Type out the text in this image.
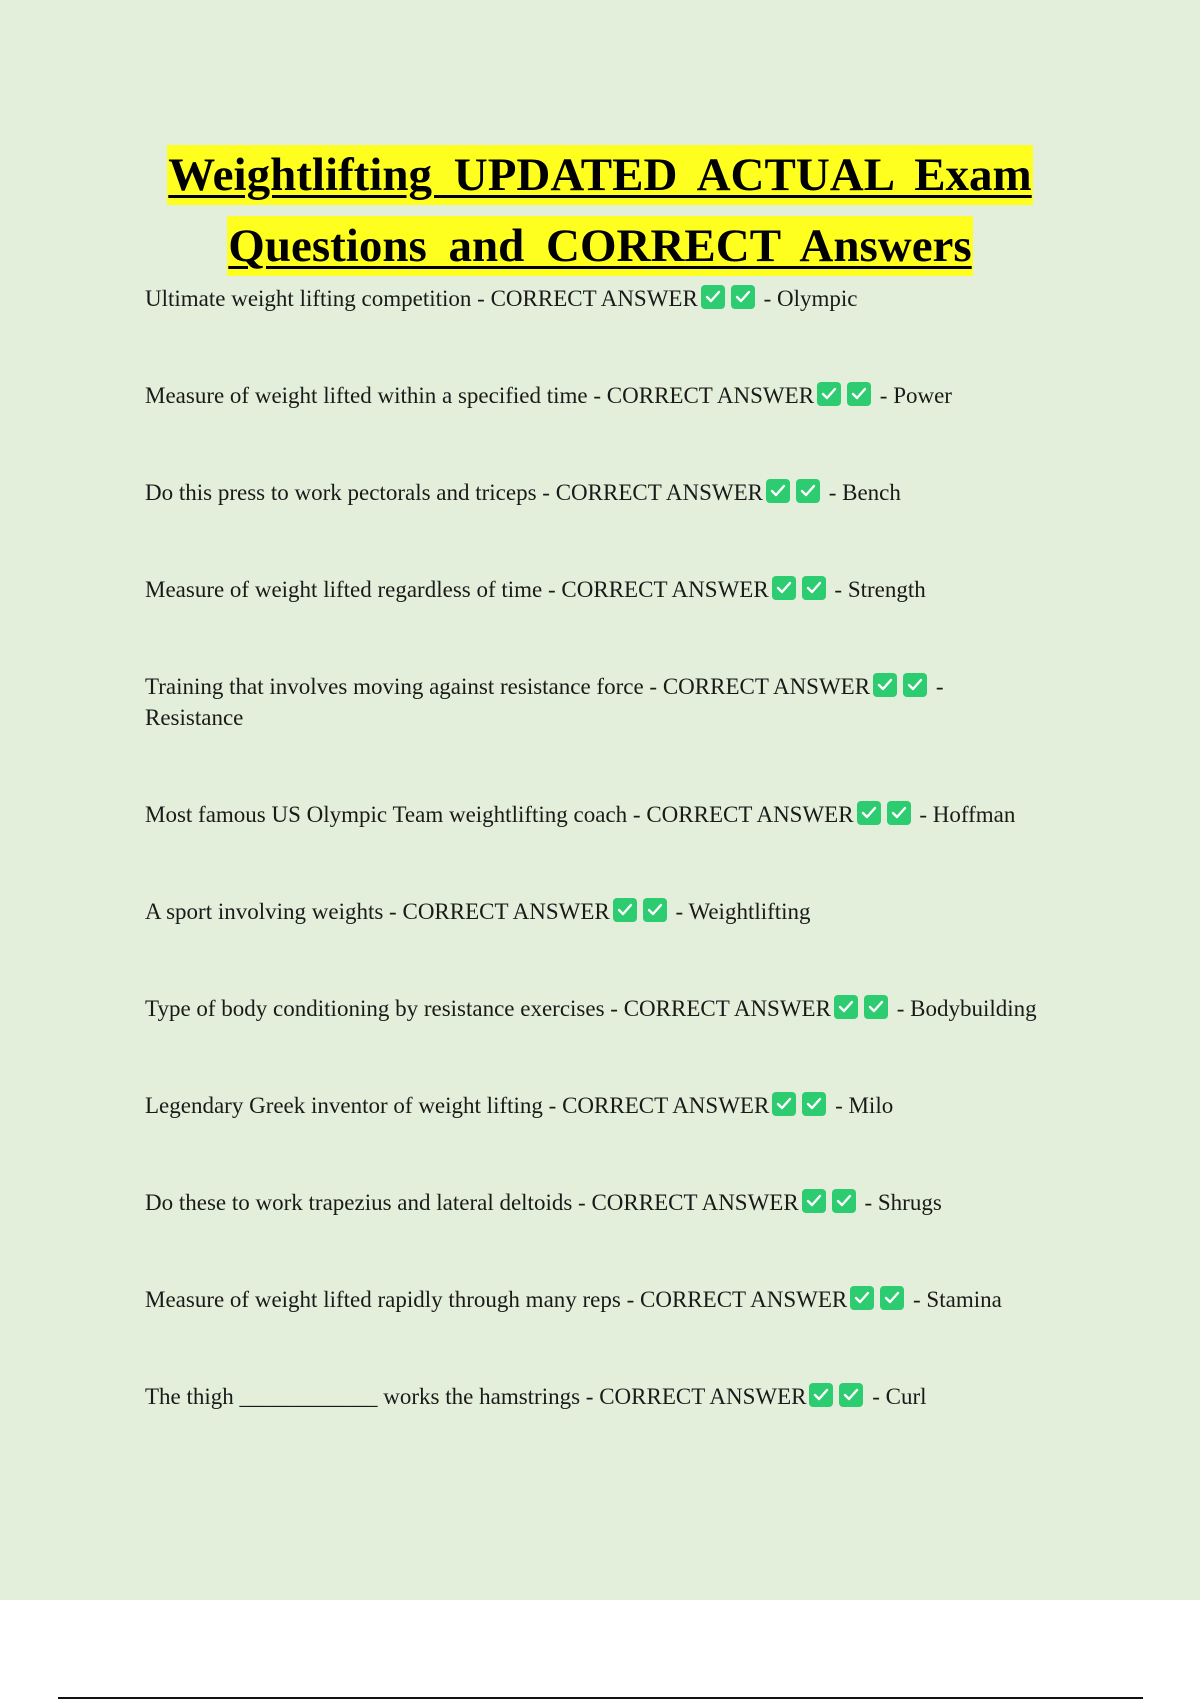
Weightlifting UPDATED ACTUAL Exam
Questions and CORRECT Answers
Ultimate weight lifting competition - CORRECT ANSWER	- Olympic
Measure of weight lifted within a specified time - CORRECT ANSWER	- Power
Do this press to work pectorals and triceps - CORRECT ANSWER	- Bench
Measure of weight lifted regardless of time - CORRECT ANSWER	- Strength
Training that involves moving against resistance force - CORRECT ANSWER	- Resistance
Most famous US Olympic Team weightlifting coach - CORRECT ANSWER	- Hoffman
A sport involving weights - CORRECT ANSWER	- Weightlifting
Type of body conditioning by resistance exercises - CORRECT ANSWER	- Bodybuilding
Legendary Greek inventor of weight lifting - CORRECT ANSWER	- Milo
Do these to work trapezius and lateral deltoids - CORRECT ANSWER	- Shrugs
Measure of weight lifted rapidly through many reps - CORRECT ANSWER	- Stamina
The thigh ____________ works the hamstrings - CORRECT ANSWER	- Curl
